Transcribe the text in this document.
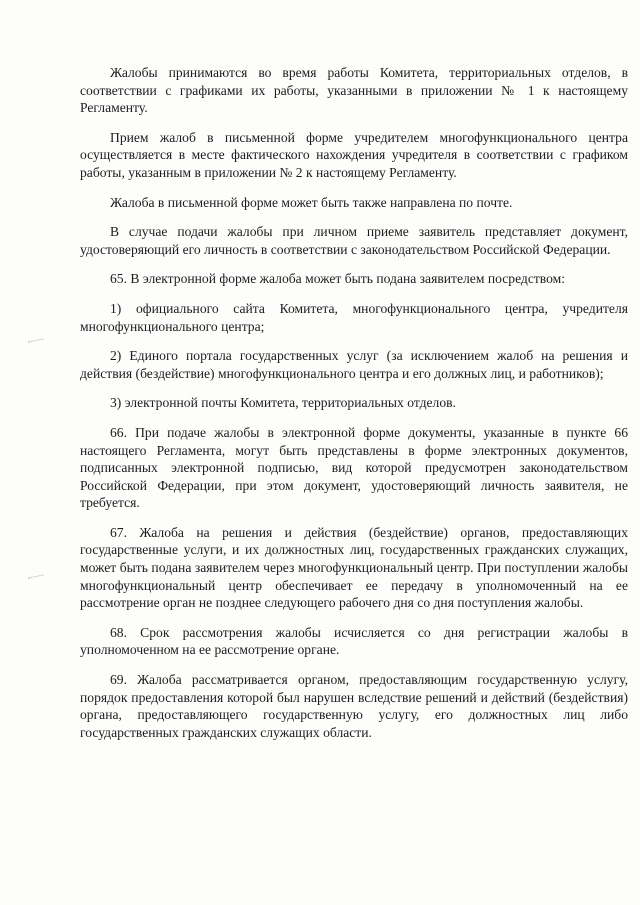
Жалобы принимаются во время работы Комитета, территориальных отделов, в соответствии с графиками их работы, указанными в приложении № 1 к настоящему Регламенту.

Прием жалоб в письменной форме учредителем многофункционального центра осуществляется в месте фактического нахождения учредителя в соответствии с графиком работы, указанным в приложении № 2 к настоящему Регламенту.

Жалоба в письменной форме может быть также направлена по почте.

В случае подачи жалобы при личном приеме заявитель представляет документ, удостоверяющий его личность в соответствии с законодательством Российской Федерации.

65. В электронной форме жалоба может быть подана заявителем посредством:

1) официального сайта Комитета, многофункционального центра, учредителя многофункционального центра;

2) Единого портала государственных услуг (за исключением жалоб на решения и действия (бездействие) многофункционального центра и его должных лиц, и работников);

3) электронной почты Комитета, территориальных отделов.

66. При подаче жалобы в электронной форме документы, указанные в пункте 66 настоящего Регламента, могут быть представлены в форме электронных документов, подписанных электронной подписью, вид которой предусмотрен законодательством Российской Федерации, при этом документ, удостоверяющий личность заявителя, не требуется.

67. Жалоба на решения и действия (бездействие) органов, предоставляющих государственные услуги, и их должностных лиц, государственных гражданских служащих, может быть подана заявителем через многофункциональный центр. При поступлении жалобы многофункциональный центр обеспечивает ее передачу в уполномоченный на ее рассмотрение орган не позднее следующего рабочего дня со дня поступления жалобы.

68. Срок рассмотрения жалобы исчисляется со дня регистрации жалобы в уполномоченном на ее рассмотрение органе.

69. Жалоба рассматривается органом, предоставляющим государственную услугу, порядок предоставления которой был нарушен вследствие решений и действий (бездействия) органа, предоставляющего государственную услугу, его должностных лиц либо государственных гражданских служащих области.
